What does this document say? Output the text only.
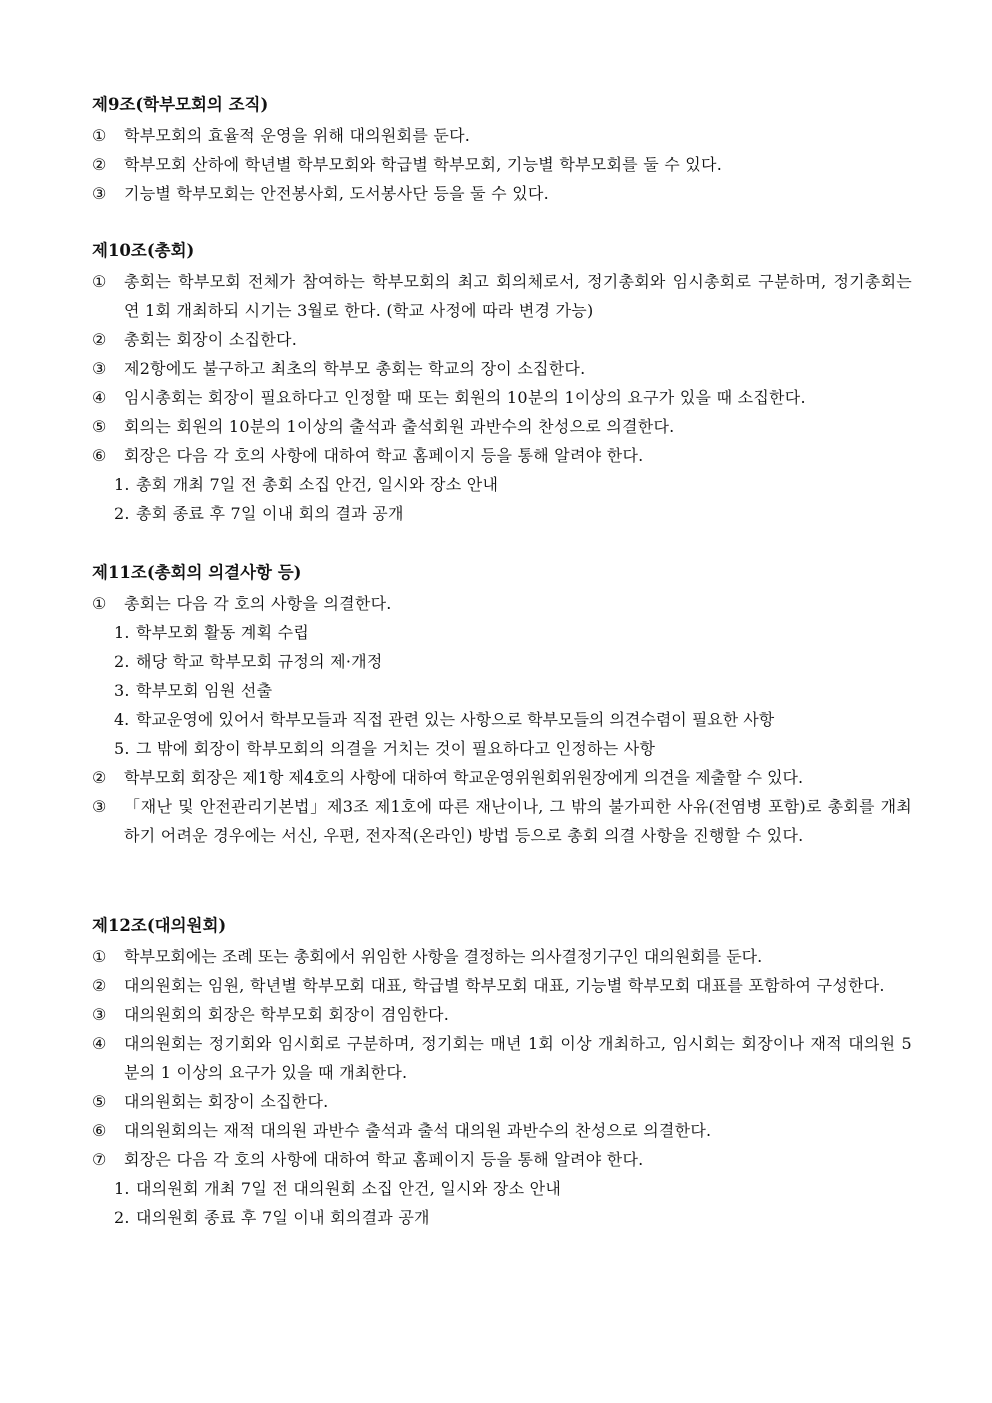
제9조(학부모회의 조직)
①	학부모회의 효율적 운영을 위해 대의원회를 둔다.
②	학부모회 산하에 학년별 학부모회와 학급별 학부모회, 기능별 학부모회를 둘 수 있다.
③	기능별 학부모회는 안전봉사회, 도서봉사단 등을 둘 수 있다.
제10조(총회)
①	총회는 학부모회 전체가 참여하는 학부모회의 최고 회의체로서, 정기총회와 임시총회로 구분하며, 정기총회는 연 1회 개최하되 시기는 3월로 한다. (학교 사정에 따라 변경 가능)
②	총회는 회장이 소집한다.
③	제2항에도 불구하고 최초의 학부모 총회는 학교의 장이 소집한다.
④	임시총회는 회장이 필요하다고 인정할 때 또는 회원의 10분의 1이상의 요구가 있을 때 소집한다.
⑤	회의는 회원의 10분의 1이상의 출석과 출석회원 과반수의 찬성으로 의결한다.
⑥	회장은 다음 각 호의 사항에 대하여 학교 홈페이지 등을 통해 알려야 한다.
1. 총회 개최 7일 전 총회 소집 안건, 일시와 장소 안내
2. 총회 종료 후 7일 이내 회의 결과 공개
제11조(총회의 의결사항 등)
①	총회는 다음 각 호의 사항을 의결한다.
1. 학부모회 활동 계획 수립
2. 해당 학교 학부모회 규정의 제·개정
3. 학부모회 임원 선출
4. 학교운영에 있어서 학부모들과 직접 관련 있는 사항으로 학부모들의 의견수렴이 필요한 사항
5. 그 밖에 회장이 학부모회의 의결을 거치는 것이 필요하다고 인정하는 사항
②	학부모회 회장은 제1항 제4호의 사항에 대하여 학교운영위원회위원장에게 의견을 제출할 수 있다.
③	「재난 및 안전관리기본법」제3조 제1호에 따른 재난이나, 그 밖의 불가피한 사유(전염병 포함)로 총회를 개최하기 어려운 경우에는 서신, 우편, 전자적(온라인) 방법 등으로 총회 의결 사항을 진행할 수 있다.
제12조(대의원회)
①	학부모회에는 조례 또는 총회에서 위임한 사항을 결정하는 의사결정기구인 대의원회를 둔다.
②	대의원회는 임원, 학년별 학부모회 대표, 학급별 학부모회 대표, 기능별 학부모회 대표를 포함하여 구성한다.
③	대의원회의 회장은 학부모회 회장이 겸임한다.
④	대의원회는 정기회와 임시회로 구분하며, 정기회는 매년 1회 이상 개최하고, 임시회는 회장이나 재적 대의원 5분의 1 이상의 요구가 있을 때 개최한다.
⑤	대의원회는 회장이 소집한다.
⑥	대의원회의는 재적 대의원 과반수 출석과 출석 대의원 과반수의 찬성으로 의결한다.
⑦	회장은 다음 각 호의 사항에 대하여 학교 홈페이지 등을 통해 알려야 한다.
1. 대의원회 개최 7일 전 대의원회 소집 안건, 일시와 장소 안내
2. 대의원회 종료 후 7일 이내 회의결과 공개
